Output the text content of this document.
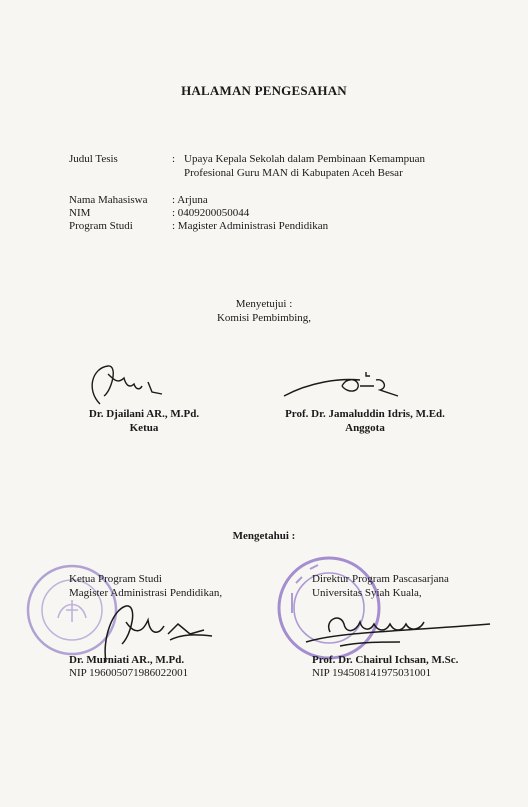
HALAMAN PENGESAHAN
Judul Tesis	: Upaya Kepala Sekolah dalam Pembinaan Kemampuan
Profesional Guru MAN di Kabupaten Aceh Besar
Nama Mahasiswa : Arjuna
NIM	: 0409200050044
Program Studi	: Magister Administrasi Pendidikan
Menyetujui :
Komisi Pembimbing,
Dr. Djailani AR., M.Pd.
Ketua
Prof. Dr. Jamaluddin Idris, M.Ed.
Anggota
Mengetahui :
Ketua Program Studi
Magister Administrasi Pendidikan,
Direktur Program Pascasarjana
Universitas Syiah Kuala,
Dr. Murniati AR., M.Pd.
NIP 196005071986022001
Prof. Dr. Chairul Ichsan, M.Sc.
NIP 194508141975031001
